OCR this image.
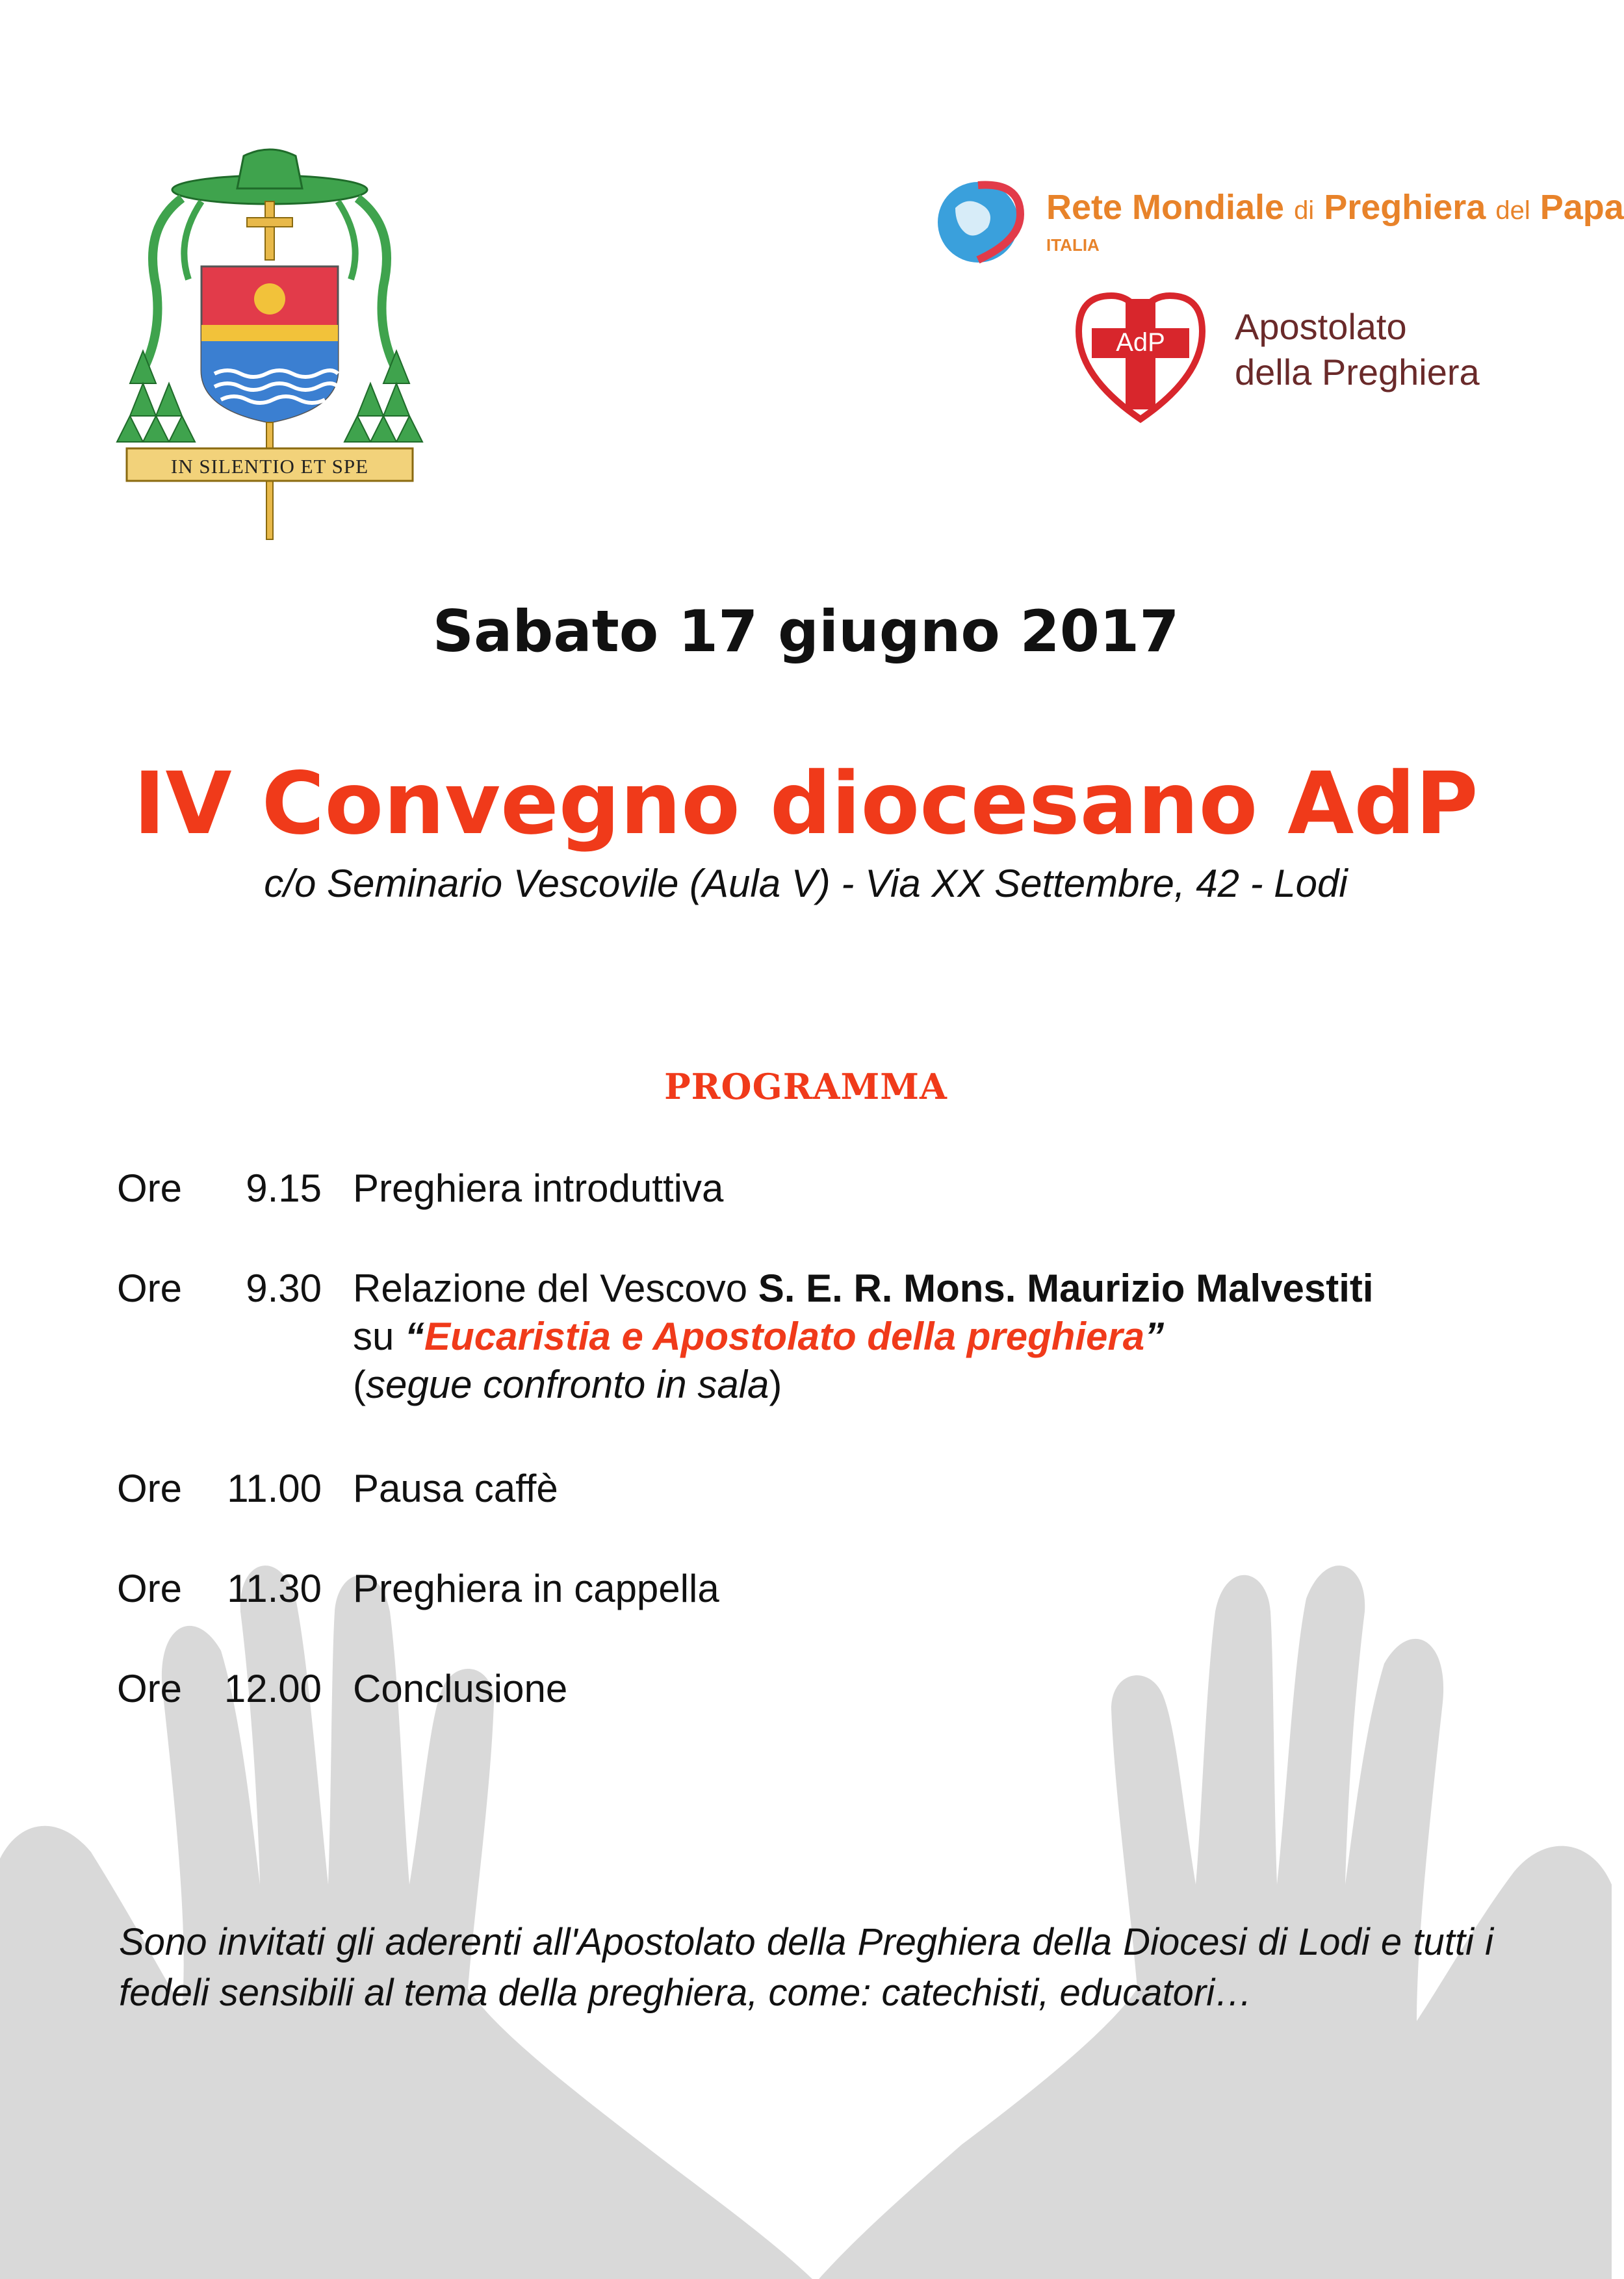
IN SILENTIO ET SPE
Rete Mondiale di Preghiera del Papa
ITALIA
AdP Apostolato
della Preghiera
Sabato 17 giugno 2017
IV Convegno diocesano AdP
c/o Seminario Vescovile (Aula V) - Via XX Settembre, 42 - Lodi
PROGRAMMA
Ore	9.15 Preghiera introduttiva
Ore	9.30 Relazione del Vescovo S. E. R. Mons. Maurizio Malvestiti
su “Eucaristia e Apostolato della preghiera”
(segue confronto in sala)
Ore 11.00 Pausa caffè
Ore 11.30 Preghiera in cappella
Ore 12.00 Conclusione
Sono invitati gli aderenti all'Apostolato della Preghiera della Diocesi di Lodi e tutti i fedeli sensibili al tema della preghiera, come: catechisti, educatori…
